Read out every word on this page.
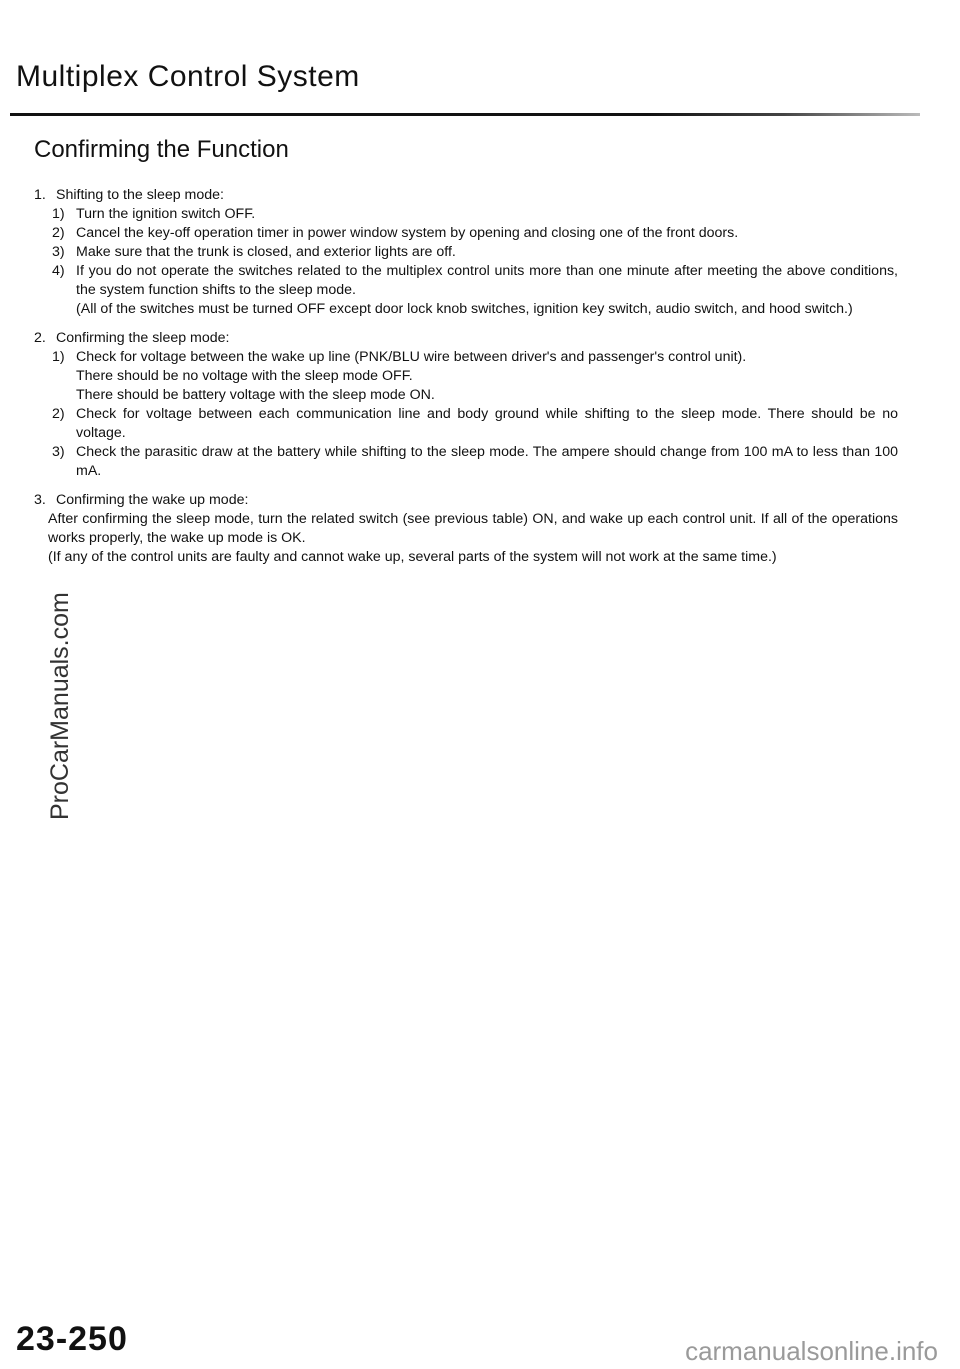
Multiplex Control System
Confirming the Function
1. Shifting to the sleep mode:
1) Turn the ignition switch OFF.
2) Cancel the key-off operation timer in power window system by opening and closing one of the front doors.
3) Make sure that the trunk is closed, and exterior lights are off.
4) If you do not operate the switches related to the multiplex control units more than one minute after meeting the above conditions, the system function shifts to the sleep mode.
(All of the switches must be turned OFF except door lock knob switches, ignition key switch, audio switch, and hood switch.)
2. Confirming the sleep mode:
1) Check for voltage between the wake up line (PNK/BLU wire between driver's and passenger's control unit).
There should be no voltage with the sleep mode OFF.
There should be battery voltage with the sleep mode ON.
2) Check for voltage between each communication line and body ground while shifting to the sleep mode. There should be no voltage.
3) Check the parasitic draw at the battery while shifting to the sleep mode. The ampere should change from 100 mA to less than 100 mA.
3. Confirming the wake up mode:
After confirming the sleep mode, turn the related switch (see previous table) ON, and wake up each control unit. If all of the operations works properly, the wake up mode is OK.
(If any of the control units are faulty and cannot wake up, several parts of the system will not work at the same time.)
ProCarManuals.com
23-250	carmanualsonline.info
